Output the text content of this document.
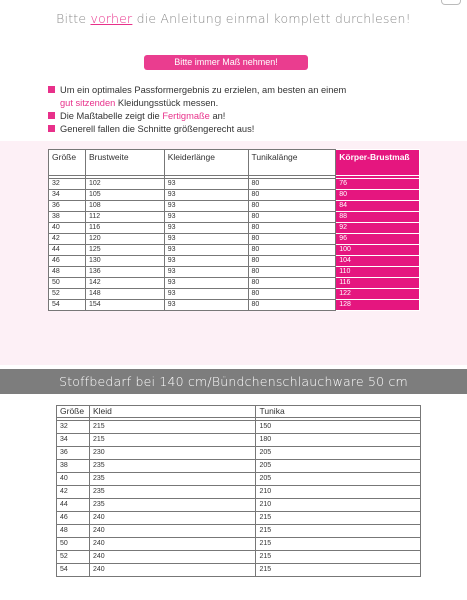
Bitte vorher die Anleitung einmal komplett durchlesen!
Bitte immer Maß nehmen!
Um ein optimales Passformergebnis zu erzielen, am besten an einem
gut sitzenden Kleidungsstück messen.
Die Maßtabelle zeigt die Fertigmaße an!
Generell fallen die Schnitte größengerecht aus!
Größe	Brustweite	Kleiderlänge	Tunikalänge	Körper-Brustmaß

32	102	93	80	76
34	105	93	80	80
36	108	93	80	84
38	112	93	80	88
40	116	93	80	92
42	120	93	80	96
44	125	93	80	100
46	130	93	80	104
48	136	93	80	110
50	142	93	80	116
52	148	93	80	122
54	154	93	80	128
Stoffbedarf bei 140 cm/Bündchenschlauchware 50 cm
Größe	Kleid	Tunika

32	215	150
34	215	180
36	230	205
38	235	205
40	235	205
42	235	210
44	235	210
46	240	215
48	240	215
50	240	215
52	240	215
54	240	215
